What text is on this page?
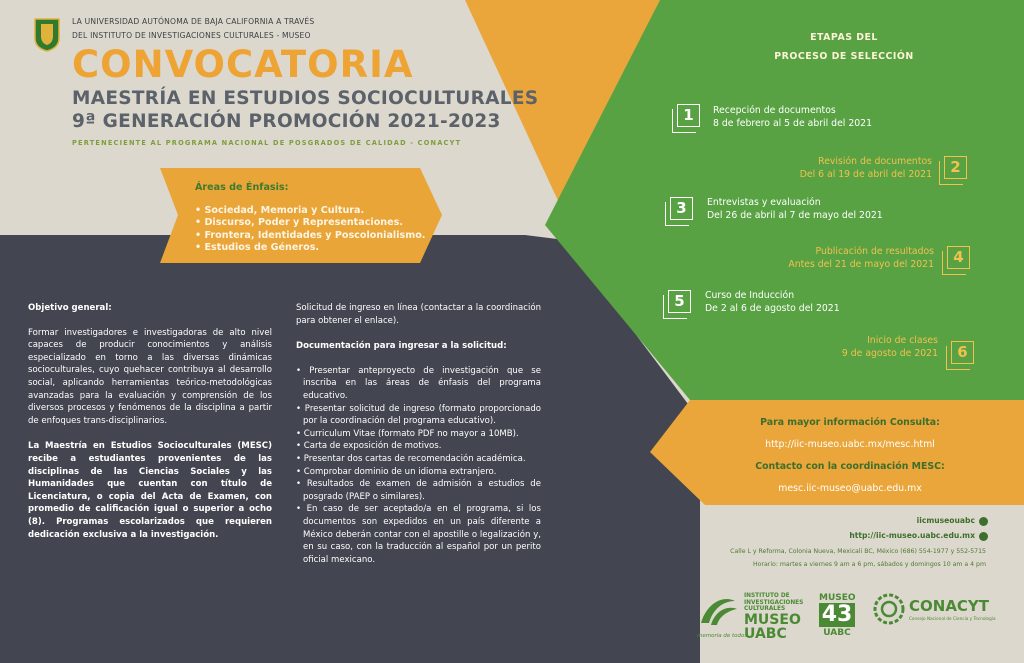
LA UNIVERSIDAD AUTÓNOMA DE BAJA CALIFORNIA A TRAVÉS
DEL INSTITUTO DE INVESTIGACIONES CULTURALES - MUSEO
CONVOCATORIA
MAESTRÍA EN ESTUDIOS SOCIOCULTURALES
9ª GENERACIÓN PROMOCIÓN 2021-2023
PERTENECIENTE AL PROGRAMA NACIONAL DE POSGRADOS DE CALIDAD - CONACYT
Áreas de Énfasis:
• Sociedad, Memoria y Cultura.
• Discurso, Poder y Representaciones.
• Frontera, Identidades y Poscolonialismo.
• Estudios de Géneros.
Objetivo general:
Formar investigadores e investigadoras de alto nivel capaces de producir conocimientos y análisis especializado en torno a las diversas dinámicas socioculturales, cuyo quehacer contribuya al desarrollo social, aplicando herramientas teórico-metodológicas avanzadas para la evaluación y comprensión de los diversos procesos y fenómenos de la disciplina a partir de enfoques trans-disciplinarios.
La Maestría en Estudios Socioculturales (MESC) recibe a estudiantes provenientes de las disciplinas de las Ciencias Sociales y las Humanidades que cuentan con título de Licenciatura, o copia del Acta de Examen, con promedio de calificación igual o superior a ocho (8). Programas escolarizados que requieren dedicación exclusiva a la investigación.
Solicitud de ingreso en línea (contactar a la coordinación para obtener el enlace).
Documentación para ingresar a la solicitud:
• Presentar anteproyecto de investigación que se inscriba en las áreas de énfasis del programa educativo.
• Presentar solicitud de ingreso (formato proporcionado por la coordinación del programa educativo).
• Curriculum Vitae (formato PDF no mayor a 10MB).
• Carta de exposición de motivos.
• Presentar dos cartas de recomendación académica.
• Comprobar dominio de un idioma extranjero.
• Resultados de examen de admisión a estudios de posgrado (PAEP o similares).
• En caso de ser aceptado/a en el programa, si los documentos son expedidos en un país diferente a México deberán contar con el apostille o legalización y, en su caso, con la traducción al español por un perito oficial mexicano.
ETAPAS DEL
PROCESO DE SELECCIÓN
1	Recepción de documentos
8 de febrero al 5 de abril del 2021
Revisión de documentos
Del 6 al 19 de abril del 2021	2
3	Entrevistas y evaluación
Del 26 de abril al 7 de mayo del 2021
Publicación de resultados
Antes del 21 de mayo del 2021	4
5	Curso de Inducción
De 2 al 6 de agosto del 2021
Inicio de clases
9 de agosto de 2021	6
Para mayor información Consulta:
http://iic-museo.uabc.mx/mesc.html
Contacto con la coordinación MESC:
mesc.iic-museo@uabc.edu.mx
iicmuseouabc
http://iic-museo.uabc.edu.mx
Calle L y Reforma, Colonia Nueva, Mexicali BC, México (686) 554-1977 y 552-5715
Horario: martes a viernes 9 am a 6 pm, sábados y domingos 10 am a 4 pm
INSTITUTO DE
INVESTIGACIONES
CULTURALES
MUSEO
UABC
memoria de todos
MUSEO
43
UABC
CONACYT
Consejo Nacional de Ciencia y Tecnología
